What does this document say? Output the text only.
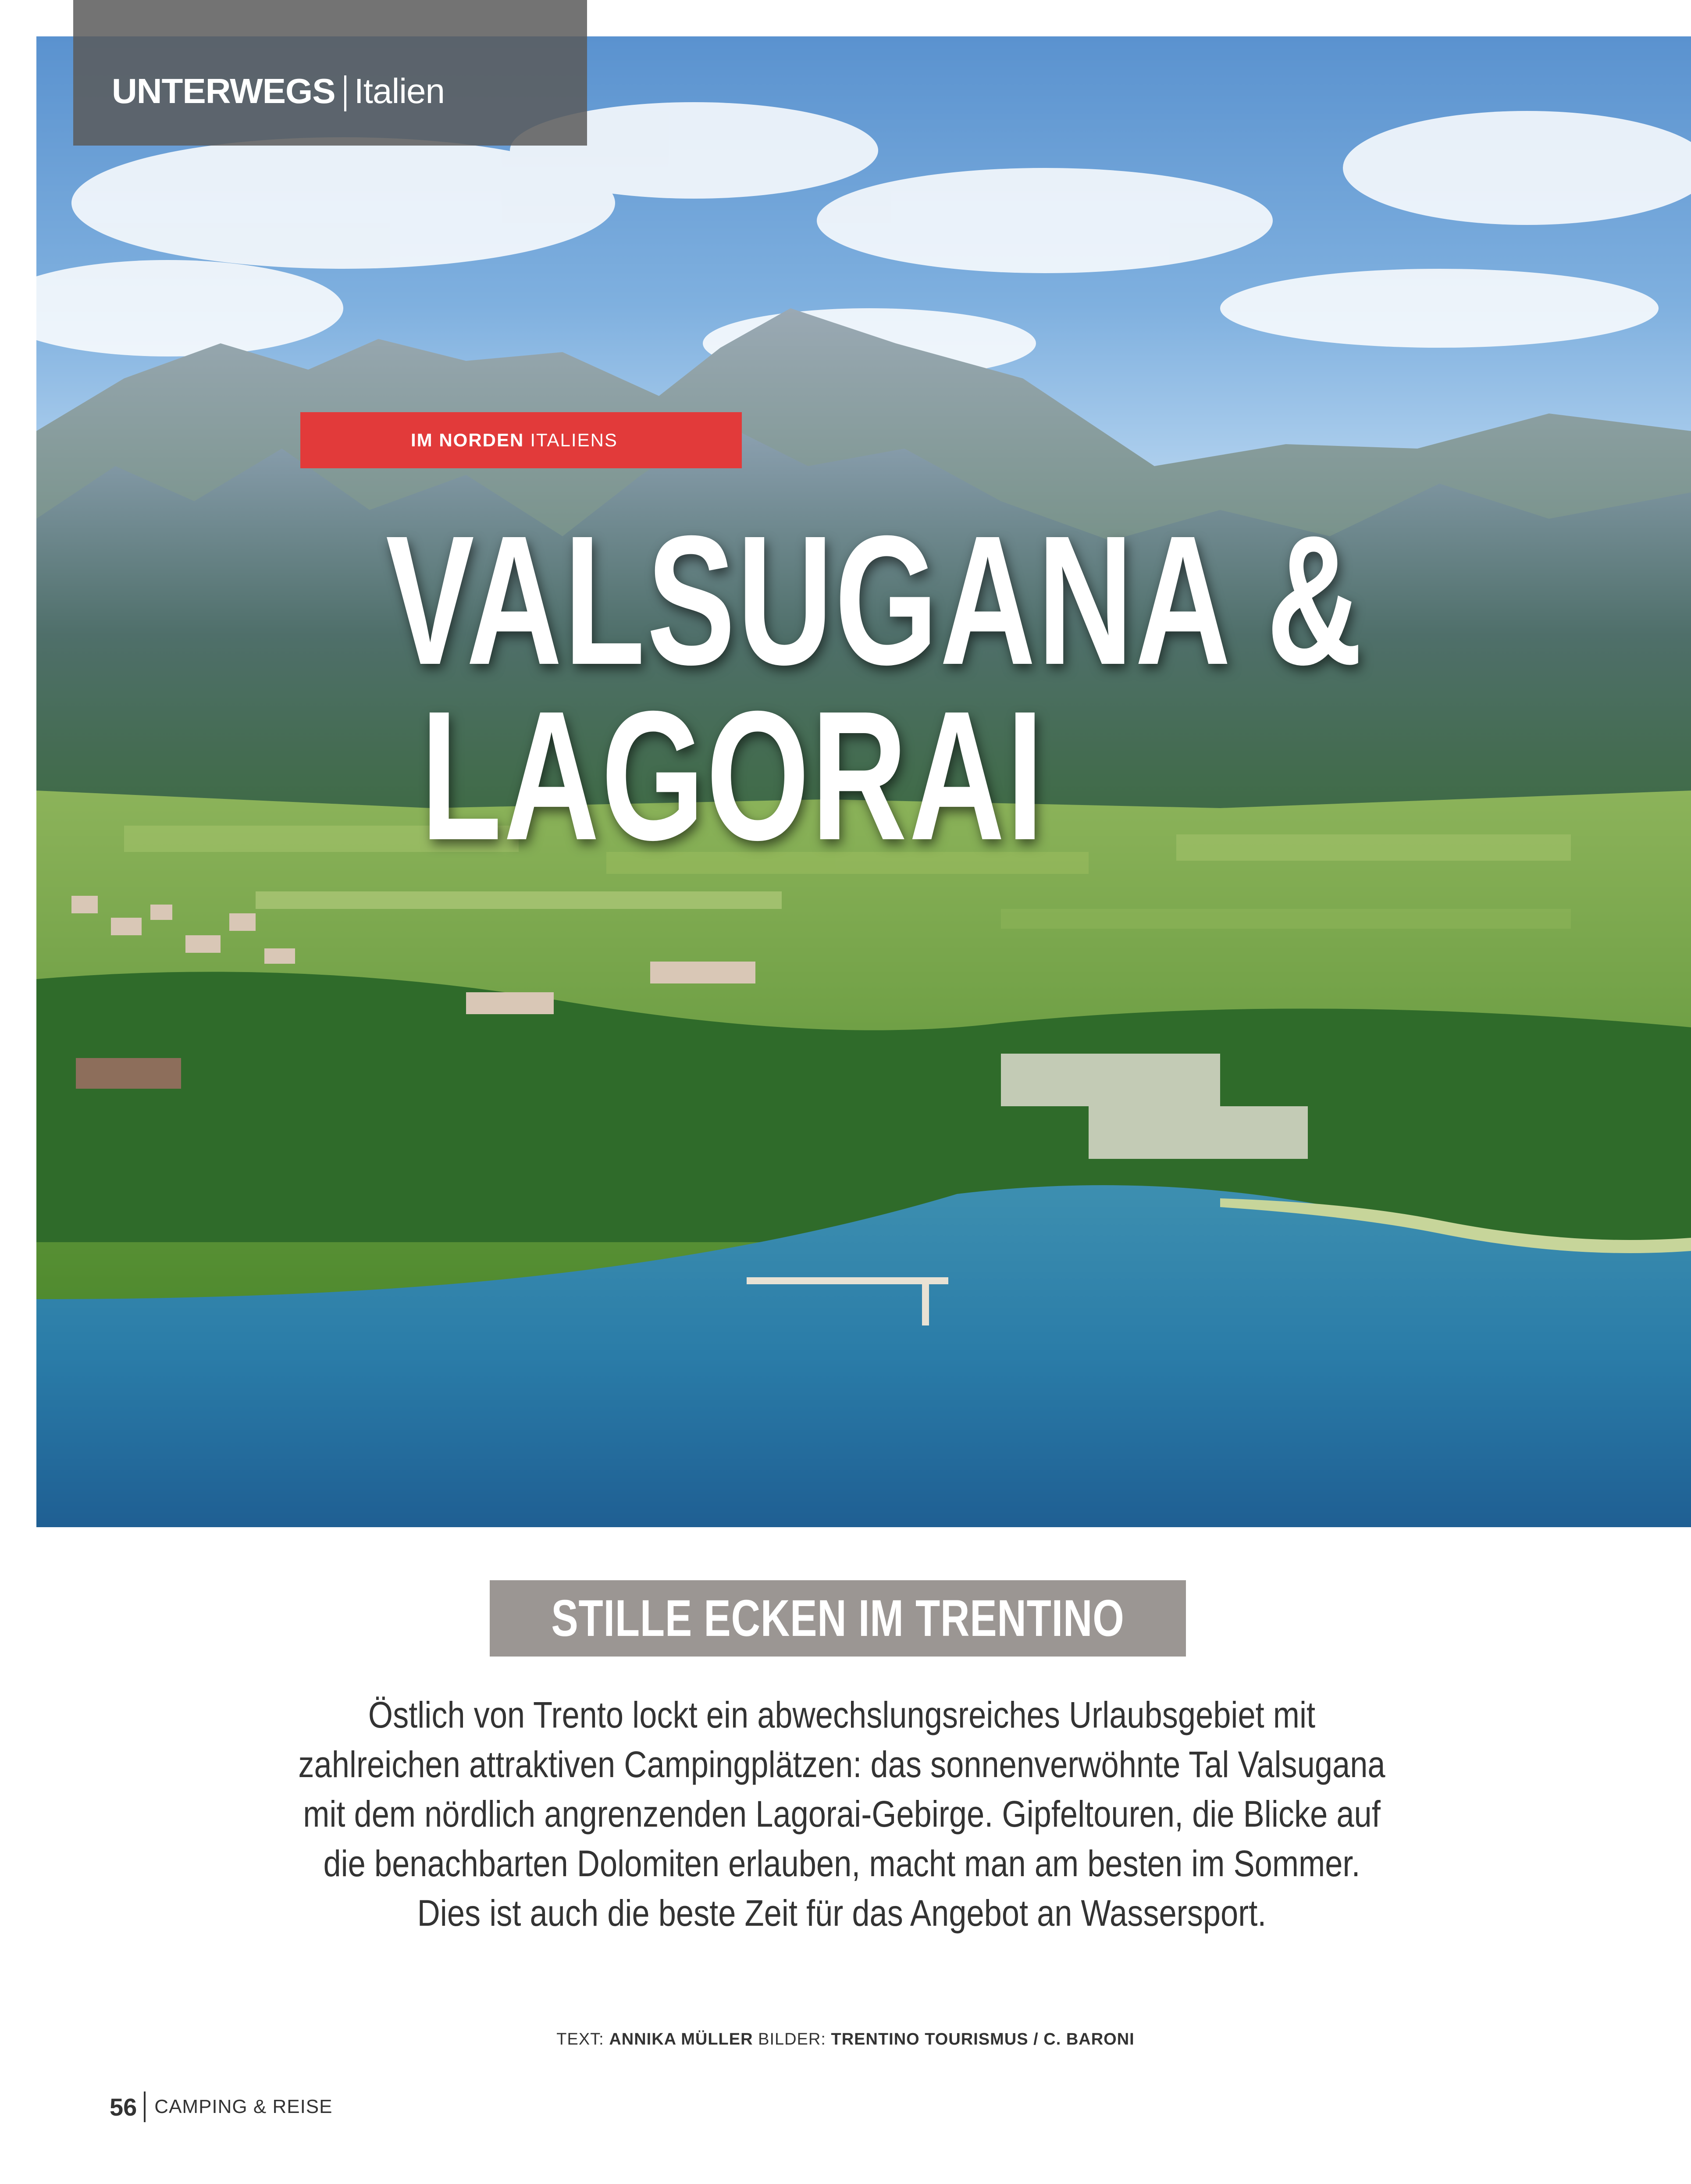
UNTERWEGS Italien
IM NORDEN ITALIENS
VALSUGANA &
LAGORAI
STILLE ECKEN IM TRENTINO
Östlich von Trento lockt ein abwechslungsreiches Urlaubsgebiet mit
zahlreichen attraktiven Campingplätzen: das sonnenverwöhnte Tal Valsugana
mit dem nördlich angrenzenden Lagorai-Gebirge. Gipfeltouren, die Blicke auf
die benachbarten Dolomiten erlauben, macht man am besten im Sommer.
Dies ist auch die beste Zeit für das Angebot an Wassersport.
TEXT: ANNIKA MÜLLER BILDER: TRENTINO TOURISMUS / C. BARONI
56 CAMPING & REISE
